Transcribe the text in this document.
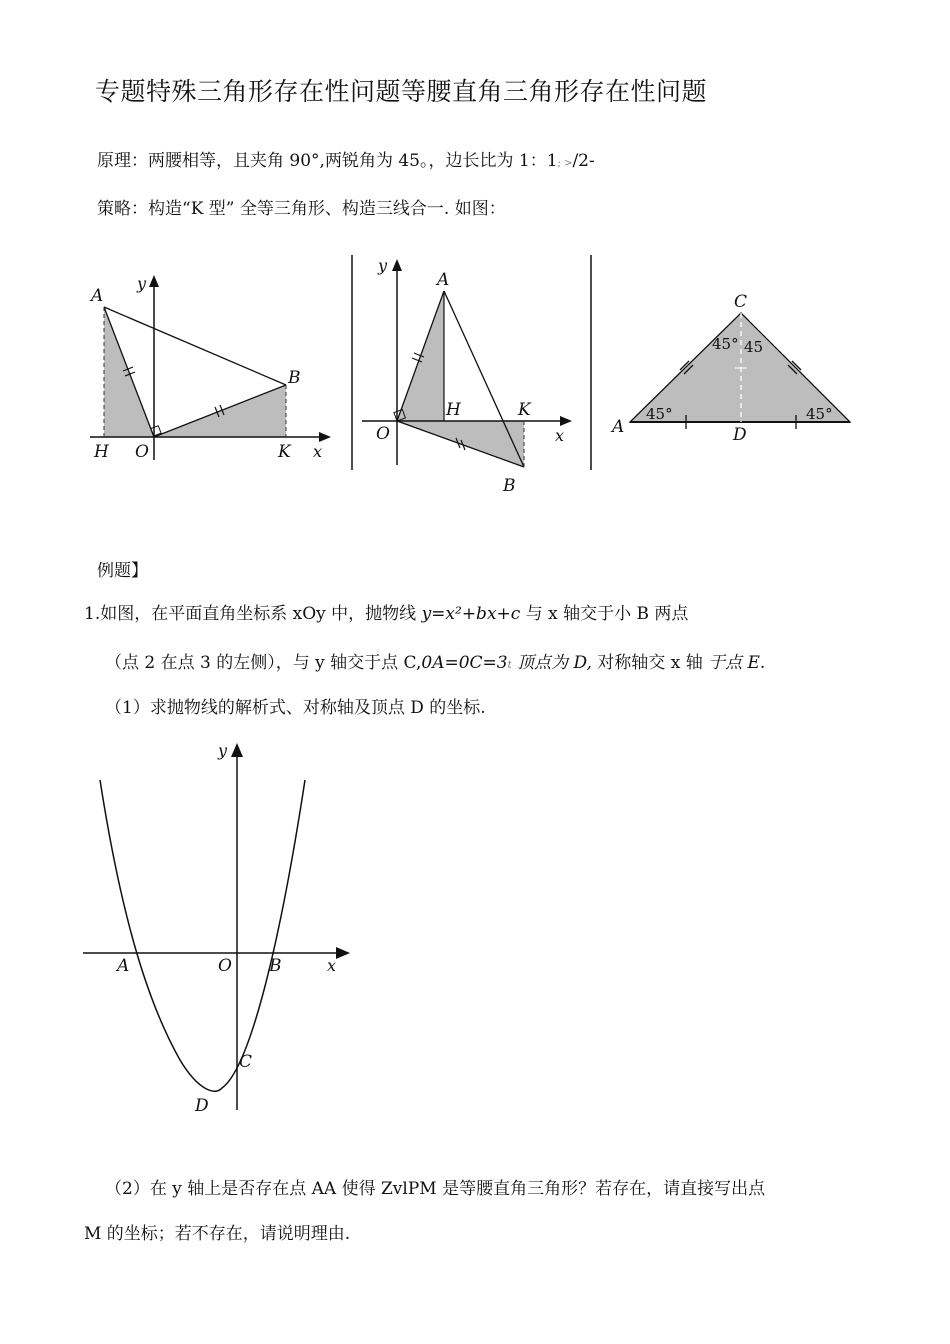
专题特殊三角形存在性问题等腰直角三角形存在性问题
原理：两腰相等，且夹角 90°,两锐角为 45。，边长比为 1：1; >/2-
策略：构造“K 型” 全等三角形、构造三线合一. 如图：
A
y
B
H O	K x
y
A
H	K
O	x
B
C
45° 45
A
45°
D
45°
例题】
1.如图，在平面直角坐标系 xOy 中，抛物线 y=x²+bx+c 与 x 轴交于小 B 两点
（点 2 在点 3 的左侧），与 y 轴交于点 C,0A=0C=3t 顶点为 D, 对称轴交 x 轴 于点 E.
（1）求抛物线的解析式、对称轴及顶点 D 的坐标.
y
A	O B	x
C
D
（2）在 y 轴上是否存在点 AA 使得 ZvlPM 是等腰直角三角形？若存在，请直接写出点
M 的坐标；若不存在，请说明理由.
